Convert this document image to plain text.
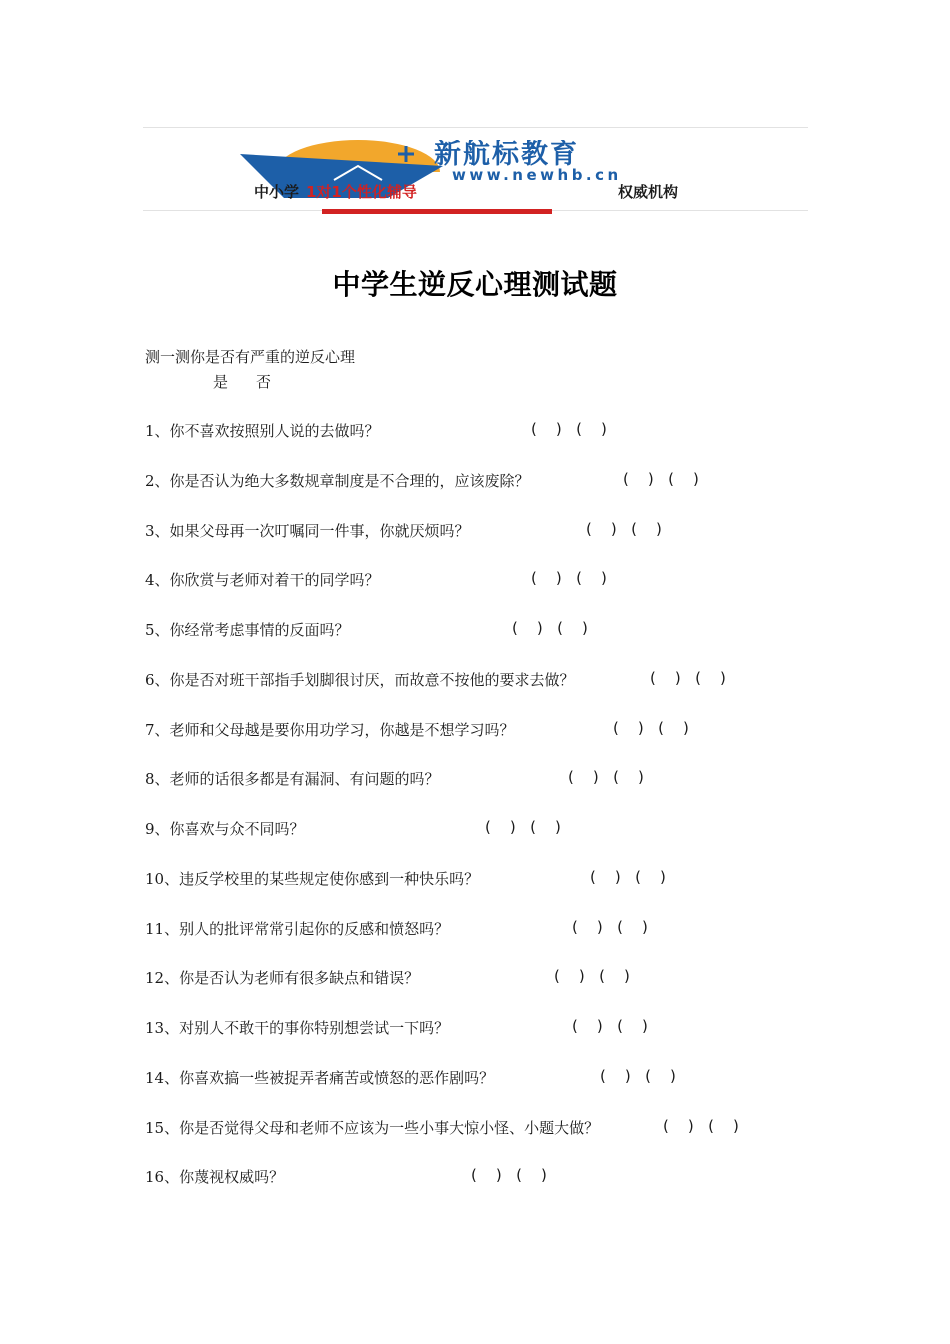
新航标教育
www.newhb.cn
中小学 1对1个性化辅导	权威机构
中学生逆反心理测试题
测一测你是否有严重的逆反心理
是 否
1、你不喜欢按照别人说的去做吗？	(    )   (    )
2、你是否认为绝大多数规章制度是不合理的，应该废除？	(    )   (    )
3、如果父母再一次叮嘱同一件事，你就厌烦吗？	(    )   (    )
4、你欣赏与老师对着干的同学吗？	(    )   (    )
5、你经常考虑事情的反面吗？	(    )   (    )
6、你是否对班干部指手划脚很讨厌，而故意不按他的要求去做？	(    )   (    )
7、老师和父母越是要你用功学习，你越是不想学习吗？	(    )   (    )
8、老师的话很多都是有漏洞、有问题的吗？	(    )   (    )
9、你喜欢与众不同吗？	(    )   (    )
10、违反学校里的某些规定使你感到一种快乐吗？	(    )   (    )
11、别人的批评常常引起你的反感和愤怒吗？	(    )   (    )
12、你是否认为老师有很多缺点和错误？	(    )   (    )
13、对别人不敢干的事你特别想尝试一下吗？	(    )   (    )
14、你喜欢搞一些被捉弄者痛苦或愤怒的恶作剧吗？	(    )   (    )
15、你是否觉得父母和老师不应该为一些小事大惊小怪、小题大做？	(    )   (    )
16、你蔑视权威吗？	(    )   (    )
